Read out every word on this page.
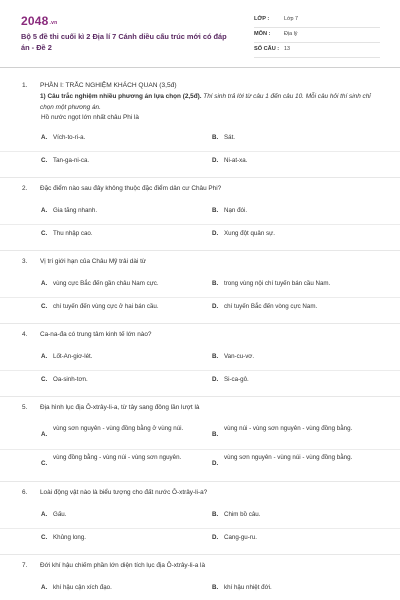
$2048^{.vn}$
Bộ 5 đề thi cuối kì 2 Địa lí 7 Cánh diều cấu trúc mới có đáp án - Đề 2
LỚP :	Lớp 7
MÔN :	Địa lý
SỐ CÂU : 13
1. PHẦN I: TRẮC NGHIỆM KHÁCH QUAN (3,5đ)
1) Câu trắc nghiệm nhiều phương án lựa chọn (2,5đ). Thí sinh trả lời từ câu 1 đến câu 10. Mỗi câu hỏi thí sinh chỉ chọn một phương án.
Hồ nước ngọt lớn nhất châu Phi là
A. Vích-to-ri-a.	B. Sát.
C. Tan-ga-ni-ca.	D. Ni-at-xa.
2. Đặc điểm nào sau đây không thuộc đặc điểm dân cư Châu Phi?
A. Gia tăng nhanh.	B. Nạn đói.
C. Thu nhập cao.	D. Xung đột quân sự.
3. Vị trí giới hạn của Châu Mỹ trải dài từ
A. vùng cực Bắc đến gần châu Nam cực.	B. trong vùng nội chí tuyến bán cầu Nam.
C. chí tuyến đến vùng cực ở hai bán cầu.	D. chí tuyến Bắc đến vòng cực Nam.
4. Ca-na-đa có trung tâm kinh tế lớn nào?
A. Lốt-An-giơ-lét.	B. Van-cu-vơ.
C. Oa-sinh-tơn.	D. Si-ca-gô.
5. Địa hình lục địa Ô-xtrây-li-a, từ tây sang đông lần lượt là
A.
vùng sơn nguyên - vùng đồng bằng ở vùng núi.
B.
vùng núi - vùng sơn nguyên - vùng đồng bằng.
C.
vùng đồng bằng - vùng núi - vùng sơn nguyên.
D.
vùng sơn nguyên - vùng núi - vùng đồng bằng.
6. Loài động vật nào là biểu tượng cho đất nước Ô-xtrây-li-a?
A. Gấu.	B. Chim bồ câu.
C. Khủng long.	D. Cang-gu-ru.
7. Đới khí hậu chiếm phần lớn diện tích lục địa Ô-xtrây-li-a là
A. khí hậu cận xích đạo.	B. khí hậu nhiệt đới.
